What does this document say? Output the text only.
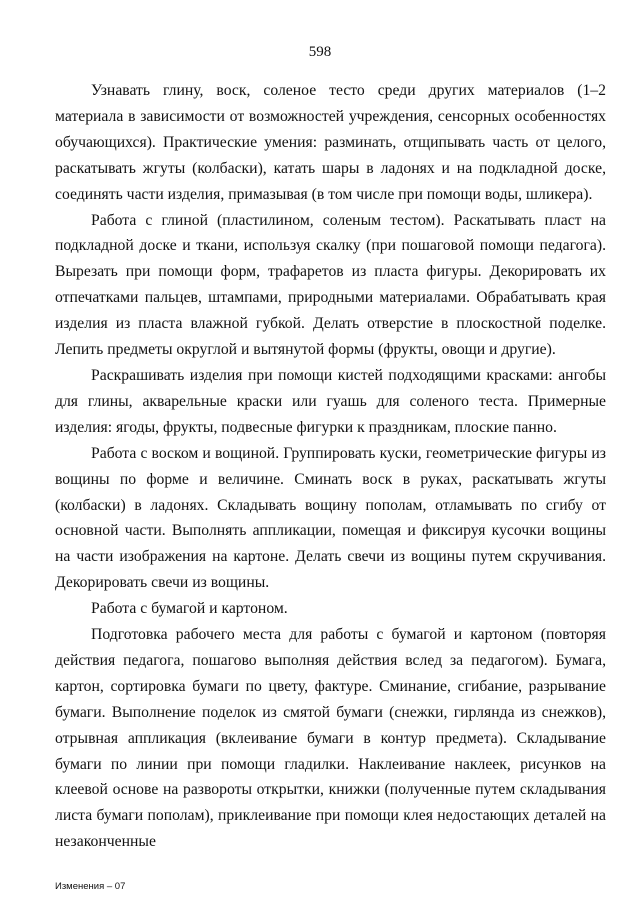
598

Узнавать глину, воск, соленое тесто среди других материалов (1–2 материала в зависимости от возможностей учреждения, сенсорных особенностях обучающихся). Практические умения: разминать, отщипывать часть от целого, раскатывать жгуты (колбаски), катать шары в ладонях и на подкладной доске, соединять части изделия, примазывая (в том числе при помощи воды, шликера).

Работа с глиной (пластилином, соленым тестом). Раскатывать пласт на подкладной доске и ткани, используя скалку (при пошаговой помощи педагога). Вырезать при помощи форм, трафаретов из пласта фигуры. Декорировать их отпечатками пальцев, штампами, природными материалами. Обрабатывать края изделия из пласта влажной губкой. Делать отверстие в плоскостной поделке. Лепить предметы округлой и вытянутой формы (фрукты, овощи и другие).

Раскрашивать изделия при помощи кистей подходящими красками: ангобы для глины, акварельные краски или гуашь для соленого теста. Примерные изделия: ягоды, фрукты, подвесные фигурки к праздникам, плоские панно.

Работа с воском и вощиной. Группировать куски, геометрические фигуры из вощины по форме и величине. Сминать воск в руках, раскатывать жгуты (колбаски) в ладонях. Складывать вощину пополам, отламывать по сгибу от основной части. Выполнять аппликации, помещая и фиксируя кусочки вощины на части изображения на картоне. Делать свечи из вощины путем скручивания. Декорировать свечи из вощины.

Работа с бумагой и картоном.

Подготовка рабочего места для работы с бумагой и картоном (повторяя действия педагога, пошагово выполняя действия вслед за педагогом). Бумага, картон, сортировка бумаги по цвету, фактуре. Сминание, сгибание, разрывание бумаги. Выполнение поделок из смятой бумаги (снежки, гирлянда из снежков), отрывная аппликация (вклеивание бумаги в контур предмета). Складывание бумаги по линии при помощи гладилки. Наклеивание наклеек, рисунков на клеевой основе на развороты открытки, книжки (полученные путем складывания листа бумаги пополам), приклеивание при помощи клея недостающих деталей на незаконченные

Изменения – 07
